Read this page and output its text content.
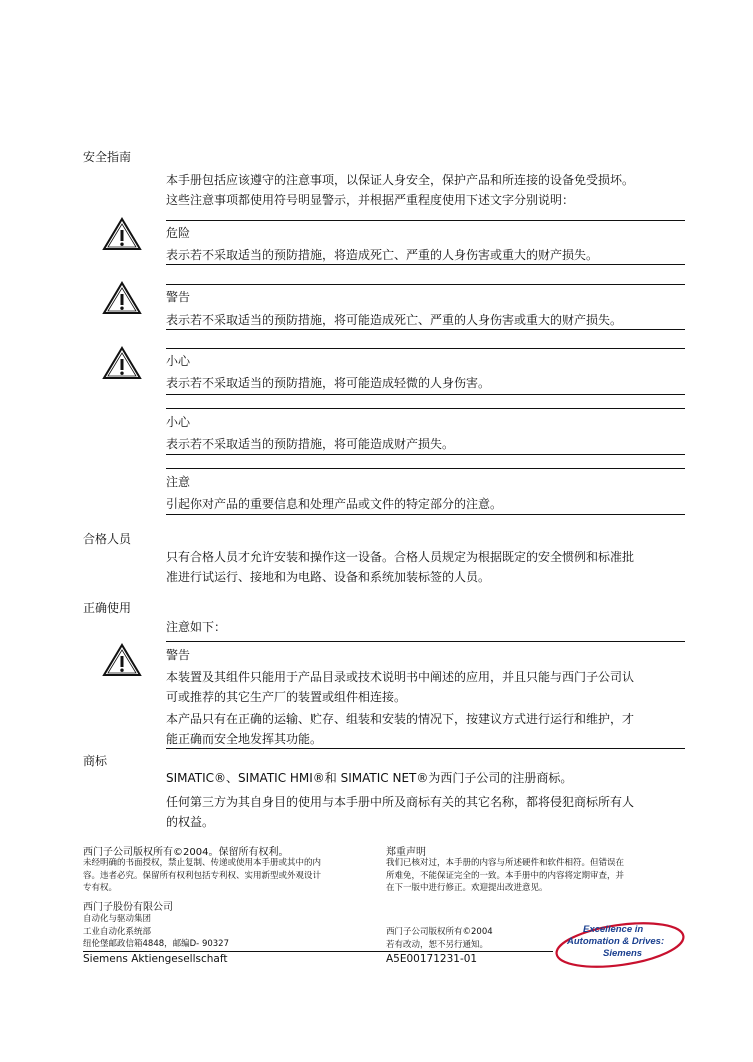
安全指南
本手册包括应该遵守的注意事项，以保证人身安全，保护产品和所连接的设备免受损坏。
这些注意事项都使用符号明显警示，并根据严重程度使用下述文字分别说明：
危险
表示若不采取适当的预防措施，将造成死亡、严重的人身伤害或重大的财产损失。
警告
表示若不采取适当的预防措施，将可能造成死亡、严重的人身伤害或重大的财产损失。
小心
表示若不采取适当的预防措施，将可能造成轻微的人身伤害。
小心
表示若不采取适当的预防措施，将可能造成财产损失。
注意
引起你对产品的重要信息和处理产品或文件的特定部分的注意。
合格人员
只有合格人员才允许安装和操作这一设备。合格人员规定为根据既定的安全惯例和标准批
准进行试运行、接地和为电路、设备和系统加装标签的人员。
正确使用
注意如下：
警告
本装置及其组件只能用于产品目录或技术说明书中阐述的应用，并且只能与西门子公司认
可或推荐的其它生产厂的装置或组件相连接。
本产品只有在正确的运输、贮存、组装和安装的情况下，按建议方式进行运行和维护，才
能正确而安全地发挥其功能。
商标
SIMATIC®、SIMATIC HMI®和 SIMATIC NET®为西门子公司的注册商标。
任何第三方为其自身目的使用与本手册中所及商标有关的其它名称，都将侵犯商标所有人
的权益。
西门子公司版权所有©2004。保留所有权利。
未经明确的书面授权，禁止复制、传递或使用本手册或其中的内
容。违者必究。保留所有权利包括专利权、实用新型或外观设计
专有权。
西门子股份有限公司
自动化与驱动集团
工业自动化系统部
纽伦堡邮政信箱4848，邮编D- 90327
Siemens Aktiengesellschaft
郑重声明
我们已核对过，本手册的内容与所述硬件和软件相符。但错误在
所难免，不能保证完全的一致。本手册中的内容将定期审查，并
在下一版中进行修正。欢迎提出改进意见。
西门子公司版权所有©2004
若有改动，恕不另行通知。
A5E00171231-01
Excellence in
Automation & Drives:
Siemens
